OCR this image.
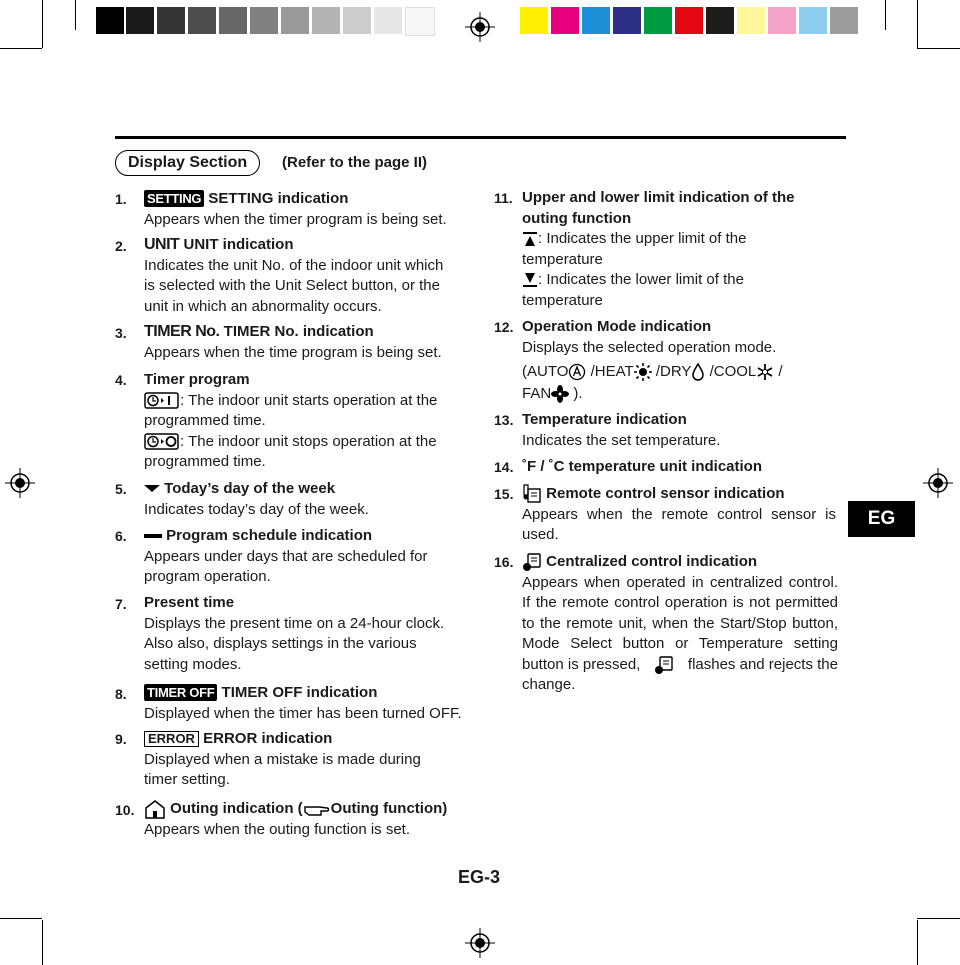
Display Section	(Refer to the page II)
1. SETTING SETTING indication
Appears when the timer program is being set.
2. UNIT UNIT indication
Indicates the unit No. of the indoor unit which
is selected with the Unit Select button, or the
unit in which an abnormality occurs.
3. TIMER No. TIMER No. indication
Appears when the time program is being set.
4. Timer program
: The indoor unit starts operation at the
programmed time.
: The indoor unit stops operation at the
programmed time.
5.	Today’s day of the week
Indicates today’s day of the week.
6.	Program schedule indication
Appears under days that are scheduled for
program operation.
7. Present time
Displays the present time on a 24-hour clock.
Also also, displays settings in the various
setting modes.
8. TIMER OFF TIMER OFF indication
Displayed when the timer has been turned OFF.
9.	ERROR ERROR indication
Displayed when a mistake is made during
timer setting.
10.	Outing indication ( Outing function)
Appears when the outing function is set.
11. Upper and lower limit indication of the
outing function
: Indicates the upper limit of the
temperature
: Indicates the lower limit of the
temperature
12. Operation Mode indication
Displays the selected operation mode.

(AUTO /HEAT /DRY /COOL /
FAN ).
13. Temperature indication
Indicates the set temperature.
14. ˚F / ˚C temperature unit indication
15.	Remote control sensor indication

Appears when the remote control sensor is
used.
16.	Centralized control indication

Appears when operated in centralized control.
If the remote control operation is not permitted
to the remote unit, when the Start/Stop button,
Mode Select button or Temperature setting
button is pressed,	flashes and rejects the
change.
EG
EG-3
